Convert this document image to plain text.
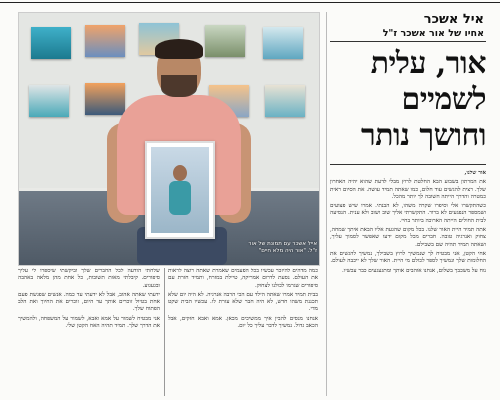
אייל אשכר עם תמונת של אור ז"ל. "אור היה מלא חיים"
איל אשכר
אחיו של אור אשכר ז"ל
אור, עלית
לשמיים
וחושך נותר

אור שלנו,

את המרתון בשבוע הבא החלטת לרוץ מבלי לדעת שהוא יהיה האחרון שלך. רצית להגשים עוד חלום, כמו שאתה תמיד עושה. את הסיום ראית כמטרה והדרך הייתה חשובה לך יותר מהכל.

כשהתקשרו אלי וסיפרו שקרה משהו, לא הבנתי. אמרו שיש פצועים ושמספר הנפגעים לא ברור. התקשרתי אליך שוב ושוב ולא ענית. הנסיעה לבית החולים הייתה הארוכה ביותר בחיי.

אתה תמיד היית האור שלנו. בכל מקום שהגעת אליו הבאת איתך שמחה, צחוק ואנרגיה טובה. חברים מכל מקום ידעו שאפשר לסמוך עליך, ושאתה תמיד תהיה שם בשבילם.

אחי הקטן, אני מבטיח לך שנמשיך לרוץ בשבילך, נמשיך להגשים את החלומות שלך ונמשיך לספר לכולם מי היית. האור שלך לא ייכבה לעולם.

נוח על משכבך בשלום, אנחנו אוהבים אותך ומתגעגעים כבר עכשיו.

כמה מדהים להיזכר עכשיו בכל הפעמים שאמרת שאתה רוצה לראות את העולם. נסעת לדרום אמריקה, טיילת במזרח, ותמיד חזרת עם סיפורים שגרמו לכולנו לצחוק.

בבית תמיד אמרו שאתה הילד עם הכי הרבה אנרגיה. לא היה יום שלא תכננת משהו חדש, לא היה חבר שלא עזרת לו. עכשיו הבית שקט מדי.

אנחנו מנסים להבין איך ממשיכים מכאן. אמא ואבא חזקים, אבל הכאב גדול. נמשיך לדבר עליך כל יום.

שלחתי הודעה לכל החברים שלך וביקשתי שיספרו לי עליך סיפורים. קיבלתי מאות תשובות, כל אחת מהן מלאה באהבה ובגעגוע.

ידעתי שאתה אהוב, אבל לא ידעתי עד כמה. אנשים שפגשת פעם אחת בטיול זוכרים אותך עד היום, זוכרים את החיוך ואת הלב הפתוח שלך.

אני מבטיח לשמור על אמא ואבא, לשמור על המשפחה, ולהמשיך את הדרך שלך. תמיד תהיה האח הקטן שלי.
